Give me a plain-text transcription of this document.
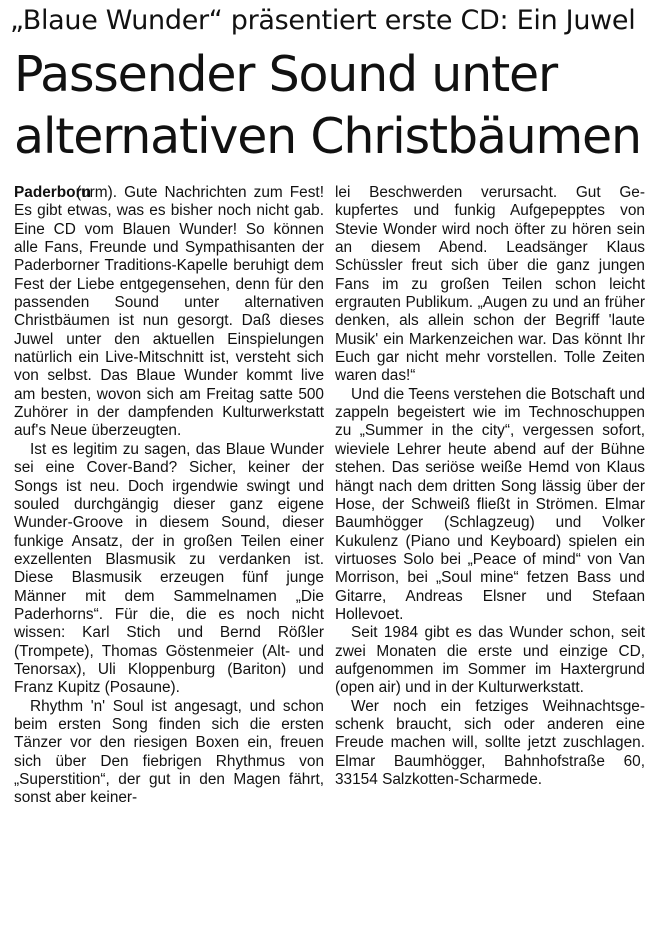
„Blaue Wunder“ präsentiert erste CD: Ein Juwel
Passender Sound unter
alternativen Christbäumen
Paderborn

(urm). Gute Nachrichten zum Fest! Es gibt etwas, was es bisher noch nicht gab. Eine CD vom Blauen Wunder! So können alle Fans, Freunde und Sympathisanten der Paderborner Traditions-Kapelle beruhigt dem Fest der Liebe entgegensehen, denn für den passenden Sound unter alternativen Christbäumen ist nun gesorgt. Daß dieses Juwel unter den aktuellen Einspielungen natürlich ein Live-Mitschnitt ist, versteht sich von selbst. Das Blaue Wunder kommt live am besten, wovon sich am Freitag satte 500 Zuhörer in der dampfenden Kulturwerkstatt auf's Neue überzeugten.

Ist es legitim zu sagen, das Blaue Wunder sei eine Cover-Band? Sicher, keiner der Songs ist neu. Doch irgendwie swingt und souled durchgängig dieser ganz eigene Wunder-Groove in diesem Sound, dieser funkige Ansatz, der in großen Teilen einer exzellenten Blasmusik zu verdanken ist. Diese Blasmusik erzeugen fünf junge Männer mit dem Sammelnamen „Die Paderhorns“. Für die, die es noch nicht wissen: Karl Stich und Bernd Rößler (Trompete), Thomas Göstenmeier (Alt- und Tenorsax), Uli Kloppenburg (Bariton) und Franz Kupitz (Posaune).

Rhythm 'n' Soul ist angesagt, und schon beim ersten Song finden sich die ersten Tänzer vor den riesigen Boxen ein, freuen sich über Den fiebrigen Rhythmus von „Superstition“, der gut in den Magen fährt, sonst aber keiner-

lei Beschwerden verursacht. Gut Gekupfertes und funkig Aufgepepptes von Stevie Wonder wird noch öfter zu hören sein an diesem Abend. Leadsänger Klaus Schüssler freut sich über die ganz jungen Fans im zu großen Teilen schon leicht ergrauten Publikum. „Augen zu und an früher denken, als allein schon der Begriff 'laute Musik' ein Markenzeichen war. Das könnt Ihr Euch gar nicht mehr vorstellen. Tolle Zeiten waren das!“

Und die Teens verstehen die Botschaft und zappeln begeistert wie im Technoschuppen zu „Summer in the city“, vergessen sofort, wieviele Lehrer heute abend auf der Bühne stehen. Das seriöse weiße Hemd von Klaus hängt nach dem dritten Song lässig über der Hose, der Schweiß fließt in Strömen. Elmar Baumhögger (Schlagzeug) und Volker Kukulenz (Piano und Keyboard) spielen ein virtuoses Solo bei „Peace of mind“ von Van Morrison, bei „Soul mine“ fetzen Bass und Gitarre, Andreas Elsner und Stefaan Hollevoet.

Seit 1984 gibt es das Wunder schon, seit zwei Monaten die erste und einzige CD, aufgenommen im Sommer im Haxtergrund (open air) und in der Kulturwerkstatt.

Wer noch ein fetziges Weihnachtsgeschenk braucht, sich oder anderen eine Freude machen will, sollte jetzt zuschlagen. Elmar Baumhögger, Bahnhofstraße 60, 33154 Salzkotten-Scharmede.
